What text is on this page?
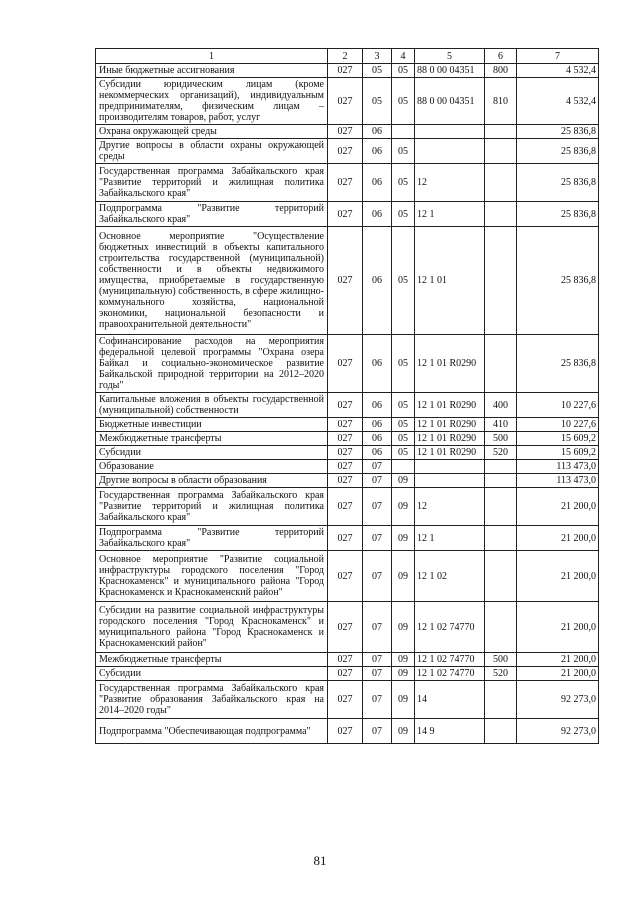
1	2	3	4	5	6	7
Иные бюджетные ассигнования	027	05	05	88 0 00 04351	800	4 532,4
Субсидии юридическим лицам (кроме некоммерческих организаций), индивидуальным предпринимателям, физическим лицам – производителям товаров, работ, услуг	027	05	05	88 0 00 04351	810	4 532,4
Охрана окружающей среды	027	06				25 836,8
Другие вопросы в области охраны окружающей среды	027	06	05			25 836,8
Государственная программа Забайкальского края "Развитие территорий и жилищная политика Забайкальского края"	027	06	05	12		25 836,8
Подпрограмма "Развитие территорий Забайкальского края"	027	06	05	12 1		25 836,8
Основное мероприятие "Осуществление бюджетных инвестиций в объекты капитального строительства государственной (муниципальной) собственности и в объекты недвижимого имущества, приобретаемые в государственную (муниципальную) собственность, в сфере жилищно-коммунального хозяйства, национальной экономики, национальной безопасности и правоохранительной деятельности"	027	06	05	12 1 01		25 836,8
Софинансирование расходов на мероприятия федеральной целевой программы "Охрана озера Байкал и социально-экономическое развитие Байкальской природной территории на 2012–2020 годы"	027	06	05	12 1 01 R0290		25 836,8
Капитальные вложения в объекты государственной (муниципальной) собственности	027	06	05	12 1 01 R0290	400	10 227,6
Бюджетные инвестиции	027	06	05	12 1 01 R0290	410	10 227,6
Межбюджетные трансферты	027	06	05	12 1 01 R0290	500	15 609,2
Субсидии	027	06	05	12 1 01 R0290	520	15 609,2
Образование	027	07				113 473,0
Другие вопросы в области образования	027	07	09			113 473,0
Государственная программа Забайкальского края "Развитие территорий и жилищная политика Забайкальского края"	027	07	09	12		21 200,0
Подпрограмма "Развитие территорий Забайкальского края"	027	07	09	12 1		21 200,0
Основное мероприятие "Развитие социальной инфраструктуры городского поселения "Город Краснокаменск" и муниципального района "Город Краснокаменск и Краснокаменский район"	027	07	09	12 1 02		21 200,0
Субсидии на развитие социальной инфраструктуры городского поселения "Город Краснокаменск" и муниципального района "Город Краснокаменск и Краснокаменский район"	027	07	09	12 1 02 74770		21 200,0
Межбюджетные трансферты	027	07	09	12 1 02 74770	500	21 200,0
Субсидии	027	07	09	12 1 02 74770	520	21 200,0
Государственная программа Забайкальского края "Развитие образования Забайкальского края на 2014–2020 годы"	027	07	09	14		92 273,0
Подпрограмма "Обеспечивающая подпрограмма"	027	07	09	14 9		92 273,0
81
